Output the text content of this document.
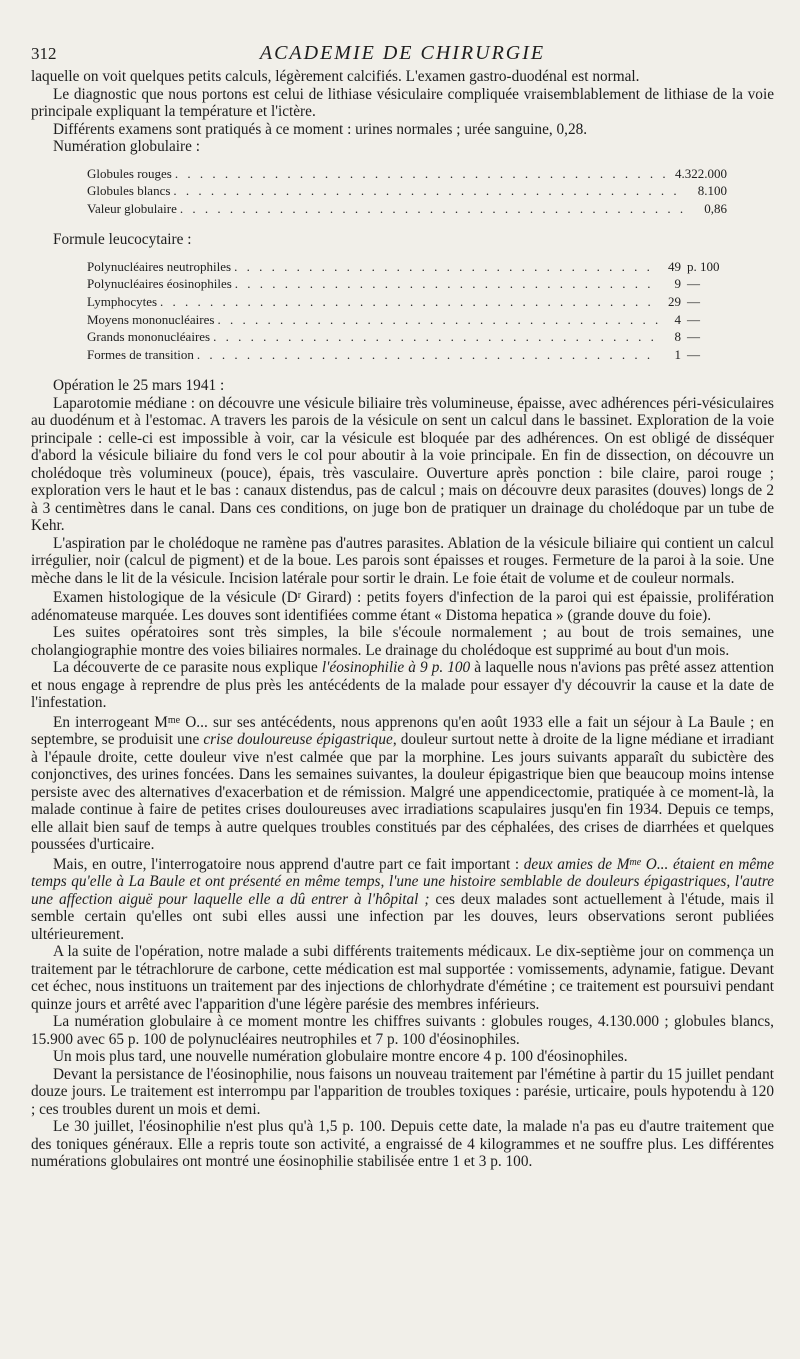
312	ACADEMIE DE CHIRURGIE

laquelle on voit quelques petits calculs, légèrement calcifiés. L'examen gastro-duodénal est normal.

Le diagnostic que nous portons est celui de lithiase vésiculaire compliquée vraisemblablement de lithiase de la voie principale expliquant la température et l'ictère.

Différents examens sont pratiqués à ce moment : urines normales ; urée sanguine, 0,28.

Numération globulaire :

Globules rouges . . .	4.322.000
Globules blancs . . .	8.100
Valeur globulaire . . .	0,86

Formule leucocytaire :

Polynucléaires neutrophiles . . .	49 p. 100
Polynucléaires éosinophiles . . .	9 —
Lymphocytes . . .	29 —
Moyens mononucléaires . . .	4 —
Grands mononucléaires . . .	8 —
Formes de transition . . .	1 —

Opération le 25 mars 1941 :

Laparotomie médiane : on découvre une vésicule biliaire très volumineuse, épaisse, avec adhérences péri-vésiculaires au duodénum et à l'estomac. A travers les parois de la vésicule on sent un calcul dans le bassinet. Exploration de la voie principale : celle-ci est impossible à voir, car la vésicule est bloquée par des adhérences. On est obligé de disséquer d'abord la vésicule biliaire du fond vers le col pour aboutir à la voie principale. En fin de dissection, on découvre un cholédoque très volumineux (pouce), épais, très vasculaire. Ouverture après ponction : bile claire, paroi rouge ; exploration vers le haut et le bas : canaux distendus, pas de calcul ; mais on découvre deux parasites (douves) longs de 2 à 3 centimètres dans le canal. Dans ces conditions, on juge bon de pratiquer un drainage du cholédoque par un tube de Kehr.

L'aspiration par le cholédoque ne ramène pas d'autres parasites. Ablation de la vésicule biliaire qui contient un calcul irrégulier, noir (calcul de pigment) et de la boue. Les parois sont épaisses et rouges. Fermeture de la paroi à la soie. Une mèche dans le lit de la vésicule. Incision latérale pour sortir le drain. Le foie était de volume et de couleur normals.

Examen histologique de la vésicule ($D^r$ Girard) : petits foyers d'infection de la paroi qui est épaissie, prolifération adénomateuse marquée. Les douves sont identifiées comme étant « Distoma hepatica » (grande douve du foie).

Les suites opératoires sont très simples, la bile s'écoule normalement ; au bout de trois semaines, une cholangiographie montre des voies biliaires normales. Le drainage du cholédoque est supprimé au bout d'un mois.

La découverte de ce parasite nous explique l'éosinophilie à 9 p. 100 à laquelle nous n'avions pas prêté assez attention et nous engage à reprendre de plus près les antécédents de la malade pour essayer d'y découvrir la cause et la date de l'infestation.

En interrogeant $M^{me}$ O... sur ses antécédents, nous apprenons qu'en août 1933 elle a fait un séjour à La Baule ; en septembre, se produisit une crise douloureuse épigastrique, douleur surtout nette à droite de la ligne médiane et irradiant à l'épaule droite, cette douleur vive n'est calmée que par la morphine. Les jours suivants apparaît du subictère des conjonctives, des urines foncées. Dans les semaines suivantes, la douleur épigastrique bien que beaucoup moins intense persiste avec des alternatives d'exacerbation et de rémission. Malgré une appendicectomie, pratiquée à ce moment-là, la malade continue à faire de petites crises douloureuses avec irradiations scapulaires jusqu'en fin 1934. Depuis ce temps, elle allait bien sauf de temps à autre quelques troubles constitués par des céphalées, des crises de diarrhées et quelques poussées d'urticaire.

Mais, en outre, l'interrogatoire nous apprend d'autre part ce fait important : deux amies de $M^{me}$ O... étaient en même temps qu'elle à La Baule et ont présenté en même temps, l'une une histoire semblable de douleurs épigastriques, l'autre une affection aiguë pour laquelle elle a dû entrer à l'hôpital ; ces deux malades sont actuellement à l'étude, mais il semble certain qu'elles ont subi elles aussi une infection par les douves, leurs observations seront publiées ultérieurement.

A la suite de l'opération, notre malade a subi différents traitements médicaux. Le dix-septième jour on commença un traitement par le tétrachlorure de carbone, cette médication est mal supportée : vomissements, adynamie, fatigue. Devant cet échec, nous instituons un traitement par des injections de chlorhydrate d'émétine ; ce traitement est poursuivi pendant quinze jours et arrêté avec l'apparition d'une légère parésie des membres inférieurs.

La numération globulaire à ce moment montre les chiffres suivants : globules rouges, 4.130.000 ; globules blancs, 15.900 avec 65 p. 100 de polynucléaires neutrophiles et 7 p. 100 d'éosinophiles.

Un mois plus tard, une nouvelle numération globulaire montre encore 4 p. 100 d'éosinophiles.

Devant la persistance de l'éosinophilie, nous faisons un nouveau traitement par l'émétine à partir du 15 juillet pendant douze jours. Le traitement est interrompu par l'apparition de troubles toxiques : parésie, urticaire, pouls hypotendu à 120 ; ces troubles durent un mois et demi.

Le 30 juillet, l'éosinophilie n'est plus qu'à 1,5 p. 100. Depuis cette date, la malade n'a pas eu d'autre traitement que des toniques généraux. Elle a repris toute son activité, a engraissé de 4 kilogrammes et ne souffre plus. Les différentes numérations globulaires ont montré une éosinophilie stabilisée entre 1 et 3 p. 100.
